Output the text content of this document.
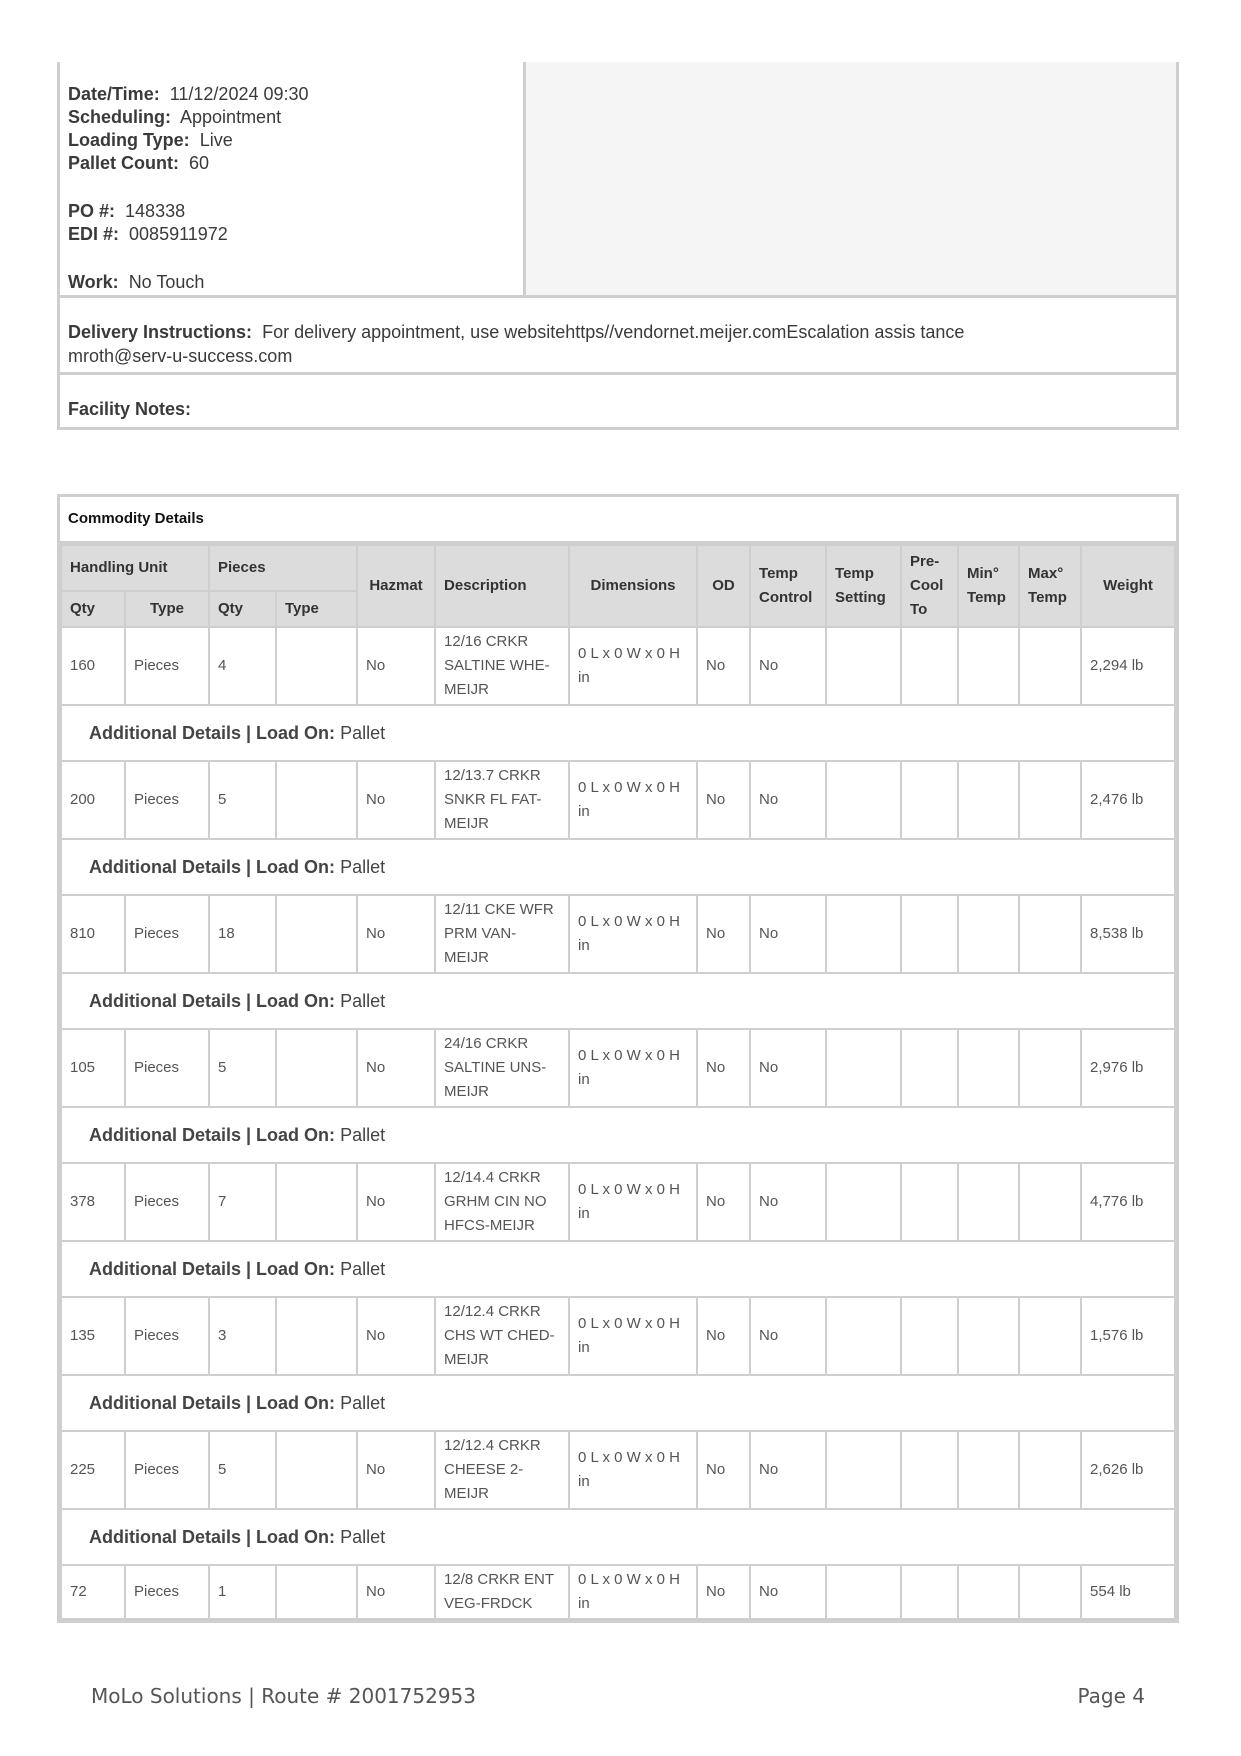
Date/Time: 11/12/2024 09:30
Scheduling: Appointment
Loading Type: Live
Pallet Count: 60
PO #: 148338
EDI #: 0085911972
Work: No Touch
Delivery Instructions: For delivery appointment, use websitehttps//vendornet.meijer.comEscalation assis tance mroth@serv-u-success.com
Facility Notes:
Commodity Details
Handling Unit		Pieces		Hazmat	Description	Dimensions	OD	Temp Control	Temp Setting	Pre-Cool To	Min° Temp	Max° Temp	Weight
Qty	Type	Qty	Type										
160	Pieces	4		No	12/16 CRKR SALTINE WHE-MEIJR	0 L x 0 W x 0 H in	No	No					2,294 lb
Additional Details | Load On: Pallet													
200	Pieces	5		No	12/13.7 CRKR SNKR FL FAT-MEIJR	0 L x 0 W x 0 H in	No	No					2,476 lb
Additional Details | Load On: Pallet													
810	Pieces	18		No	12/11 CKE WFR PRM VAN-MEIJR	0 L x 0 W x 0 H in	No	No					8,538 lb
Additional Details | Load On: Pallet													
105	Pieces	5		No	24/16 CRKR SALTINE UNS-MEIJR	0 L x 0 W x 0 H in	No	No					2,976 lb
Additional Details | Load On: Pallet													
378	Pieces	7		No	12/14.4 CRKR GRHM CIN NO HFCS-MEIJR	0 L x 0 W x 0 H in	No	No					4,776 lb
Additional Details | Load On: Pallet													
135	Pieces	3		No	12/12.4 CRKR CHS WT CHED-MEIJR	0 L x 0 W x 0 H in	No	No					1,576 lb
Additional Details | Load On: Pallet													
225	Pieces	5		No	12/12.4 CRKR CHEESE 2-MEIJR	0 L x 0 W x 0 H in	No	No					2,626 lb
Additional Details | Load On: Pallet													
72	Pieces	1		No	12/8 CRKR ENT VEG-FRDCK	0 L x 0 W x 0 H in	No	No					554 lb
MoLo Solutions | Route # 2001752953	Page 4
